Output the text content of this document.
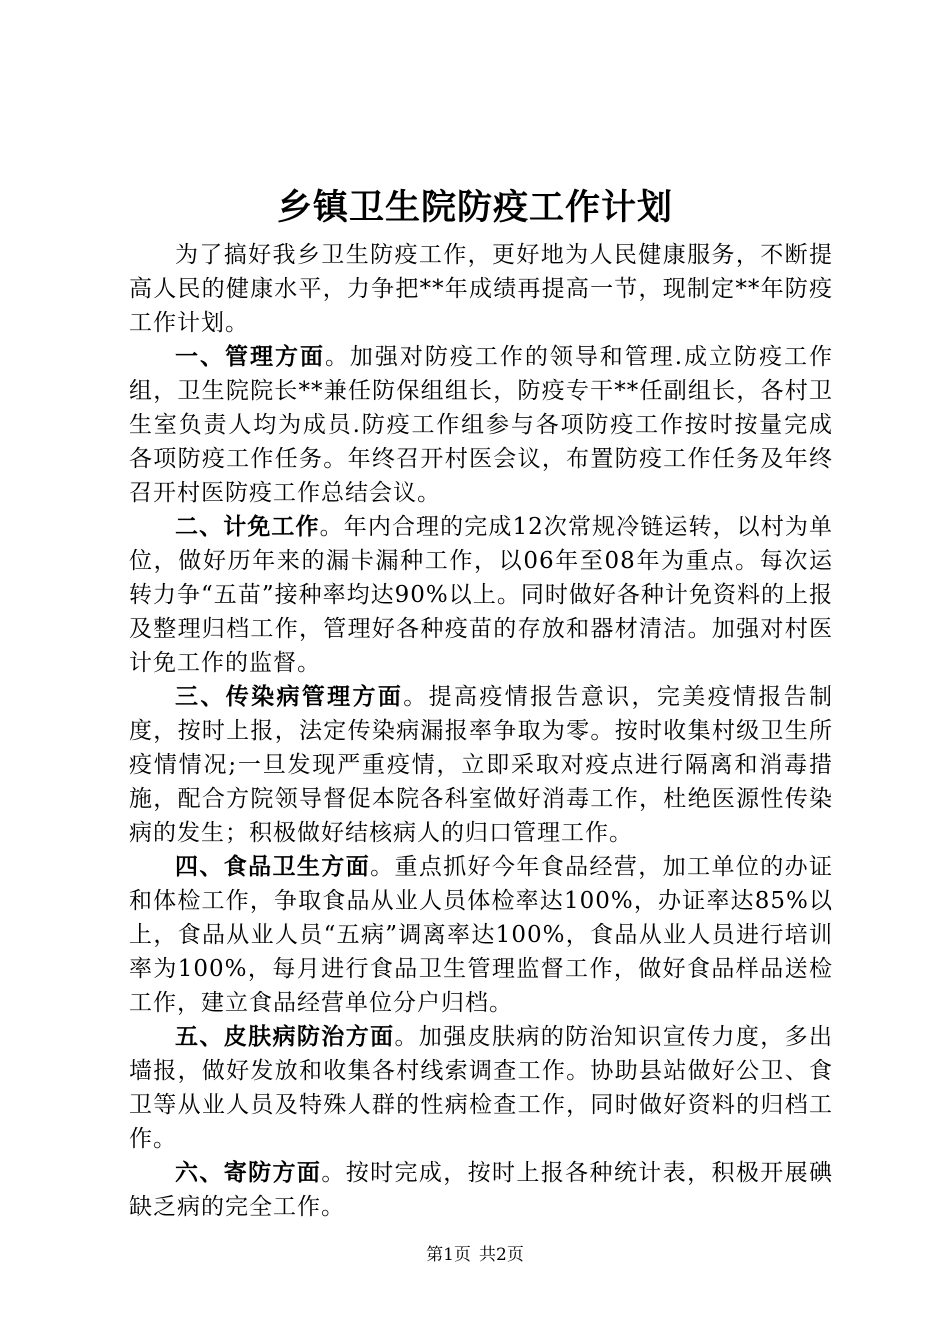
乡镇卫生院防疫工作计划

为了搞好我乡卫生防疫工作，更好地为人民健康服务，不断提高人民的健康水平，力争把**年成绩再提高一节，现制定**年防疫工作计划。

一、管理方面。加强对防疫工作的领导和管理.成立防疫工作组，卫生院院长**兼任防保组组长，防疫专干**任副组长，各村卫生室负责人均为成员.防疫工作组参与各项防疫工作按时按量完成各项防疫工作任务。年终召开村医会议，布置防疫工作任务及年终召开村医防疫工作总结会议。

二、计免工作。年内合理的完成12次常规冷链运转，以村为单位，做好历年来的漏卡漏种工作，以06年至08年为重点。每次运转力争“五苗”接种率均达90%以上。同时做好各种计免资料的上报及整理归档工作，管理好各种疫苗的存放和器材清洁。加强对村医计免工作的监督。

三、传染病管理方面。提高疫情报告意识，完美疫情报告制度，按时上报，法定传染病漏报率争取为零。按时收集村级卫生所疫情情况;一旦发现严重疫情，立即采取对疫点进行隔离和消毒措施，配合方院领导督促本院各科室做好消毒工作，杜绝医源性传染病的发生；积极做好结核病人的归口管理工作。

四、食品卫生方面。重点抓好今年食品经营，加工单位的办证和体检工作，争取食品从业人员体检率达100%，办证率达85%以上，食品从业人员“五病”调离率达100%，食品从业人员进行培训率为100%，每月进行食品卫生管理监督工作，做好食品样品送检工作，建立食品经营单位分户归档。

五、皮肤病防治方面。加强皮肤病的防治知识宣传力度，多出墙报，做好发放和收集各村线索调查工作。协助县站做好公卫、食卫等从业人员及特殊人群的性病检查工作，同时做好资料的归档工作。

六、寄防方面。按时完成，按时上报各种统计表，积极开展碘缺乏病的完全工作。

第1页 共2页
